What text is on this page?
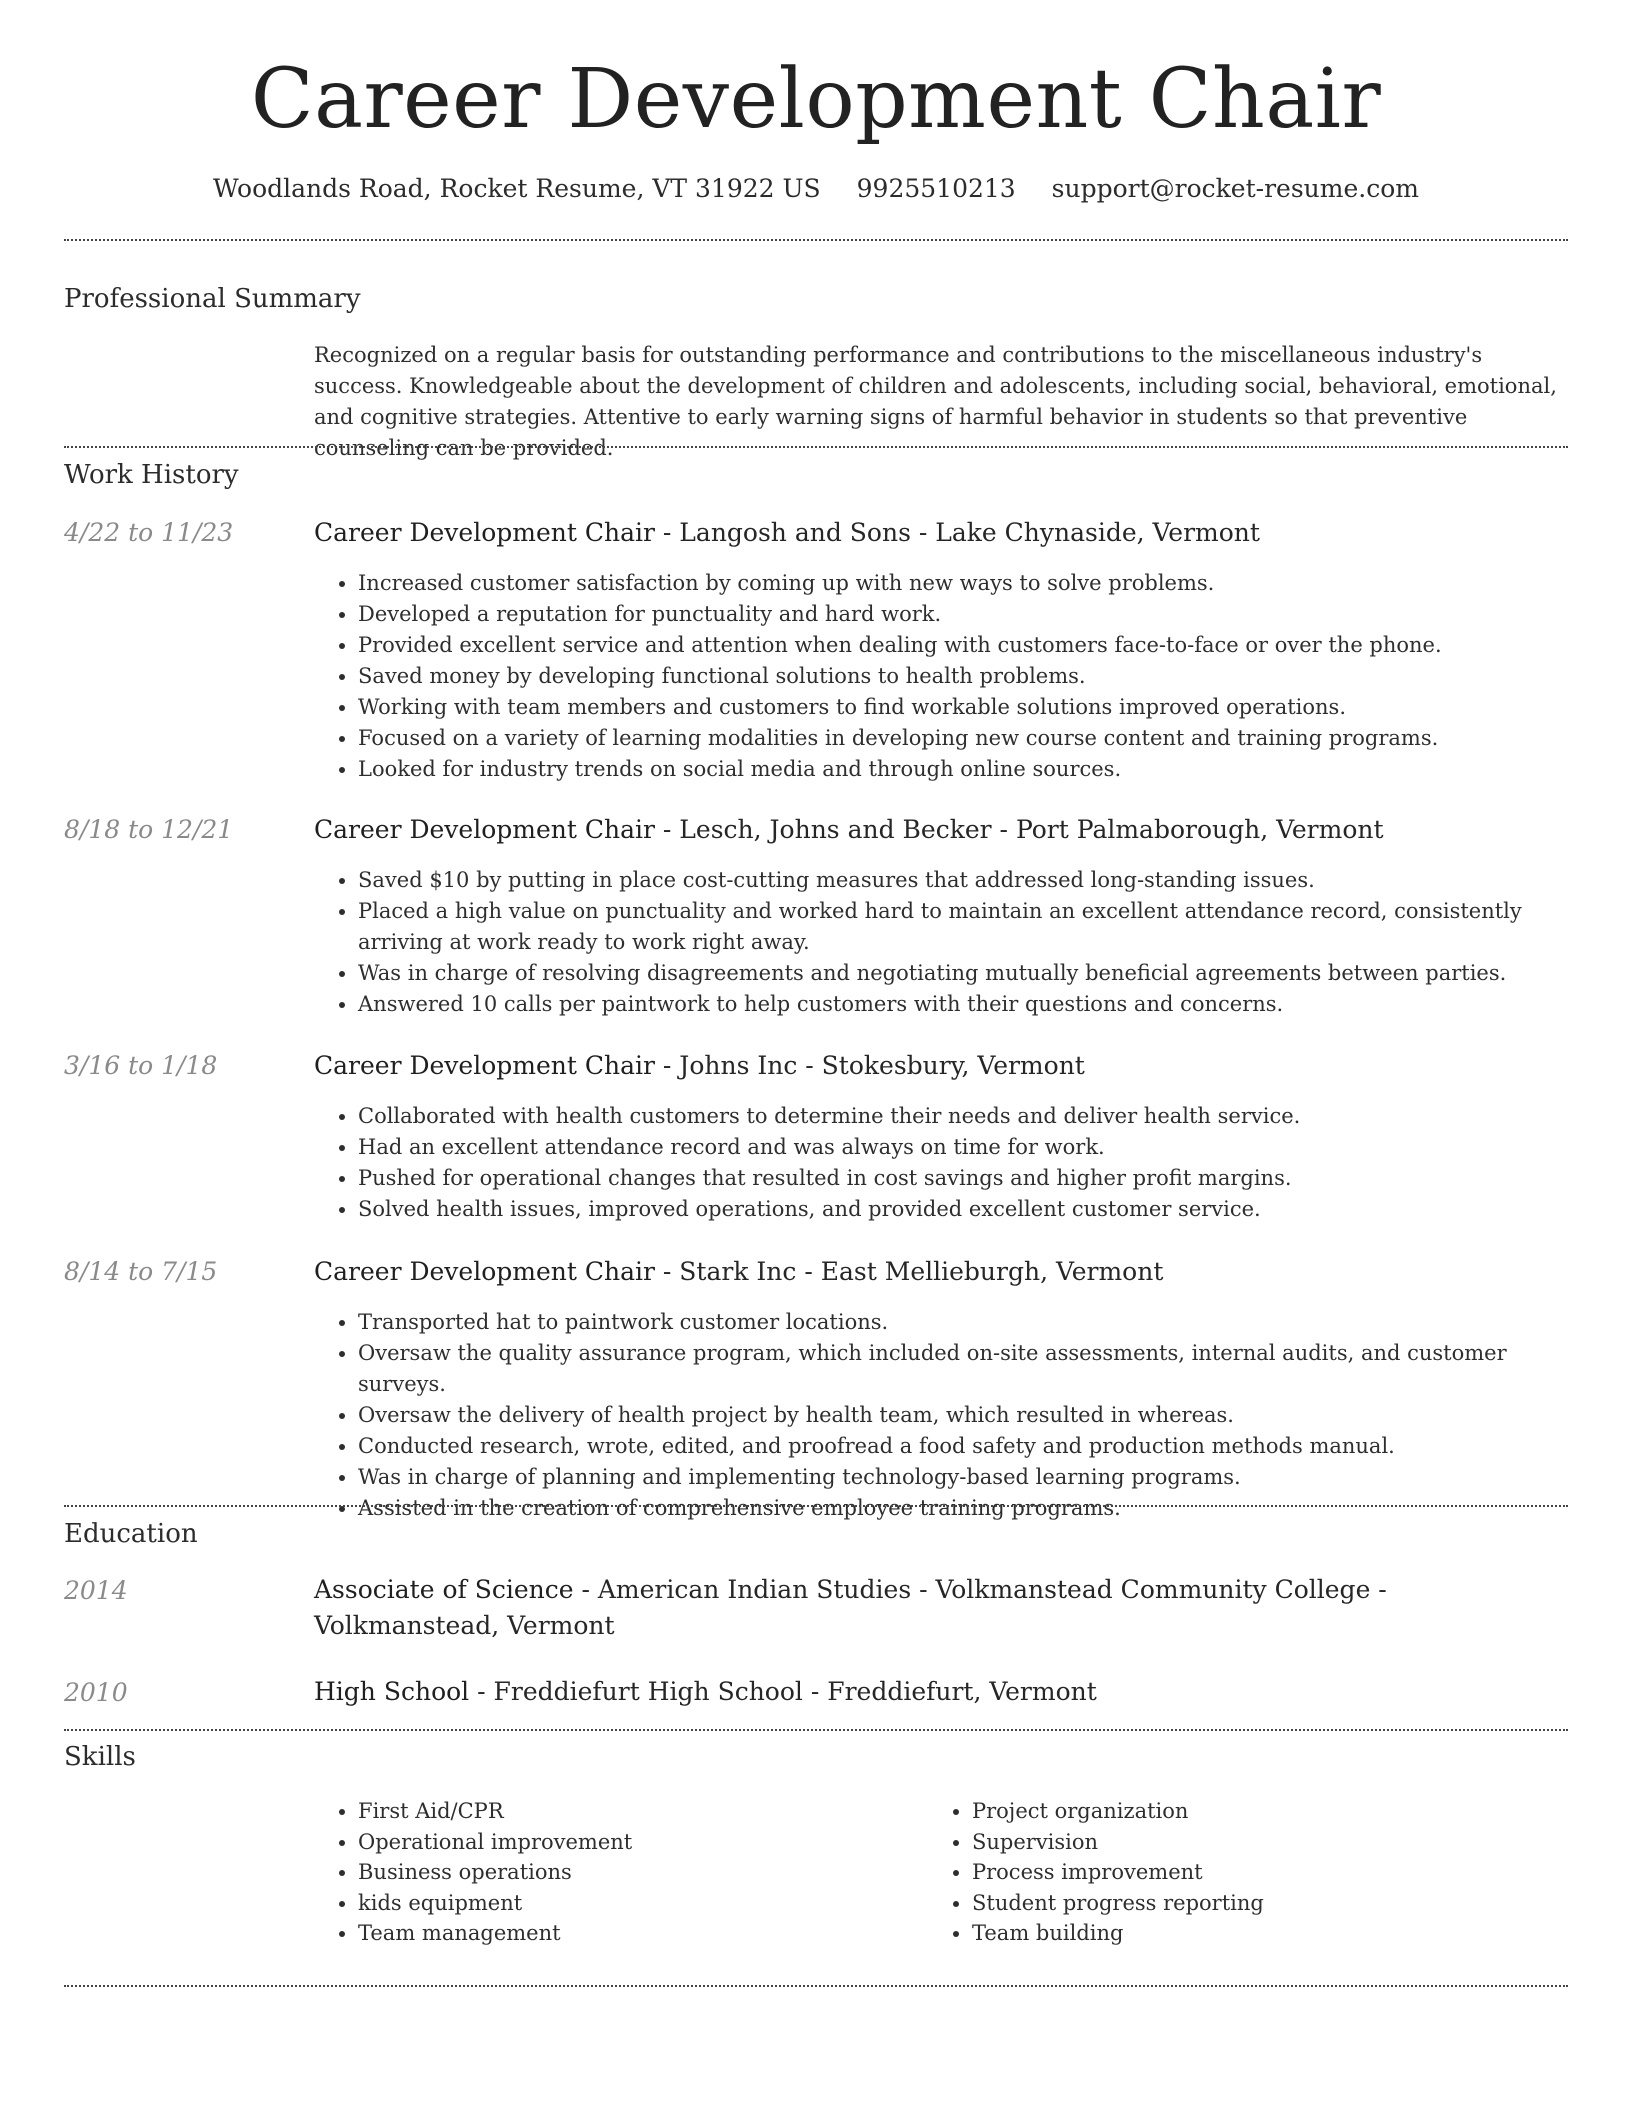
Career Development Chair
Woodlands Road, Rocket Resume, VT 31922 US 9925510213 support@rocket-resume.com
Professional Summary
Recognized on a regular basis for outstanding performance and contributions to the miscellaneous industry's success. Knowledgeable about the development of children and adolescents, including social, behavioral, emotional, and cognitive strategies. Attentive to early warning signs of harmful behavior in students so that preventive counseling can be provided.
Work History
4/22 to 11/23	Career Development Chair - Langosh and Sons - Lake Chynaside, Vermont
• Increased customer satisfaction by coming up with new ways to solve problems.
• Developed a reputation for punctuality and hard work.
• Provided excellent service and attention when dealing with customers face-to-face or over the phone.
• Saved money by developing functional solutions to health problems.
• Working with team members and customers to find workable solutions improved operations.
• Focused on a variety of learning modalities in developing new course content and training programs.
• Looked for industry trends on social media and through online sources.
8/18 to 12/21	Career Development Chair - Lesch, Johns and Becker - Port Palmaborough, Vermont
• Saved $10 by putting in place cost-cutting measures that addressed long-standing issues.
• Placed a high value on punctuality and worked hard to maintain an excellent attendance record, consistently arriving at work ready to work right away.
• Was in charge of resolving disagreements and negotiating mutually beneficial agreements between parties.
• Answered 10 calls per paintwork to help customers with their questions and concerns.
3/16 to 1/18	Career Development Chair - Johns Inc - Stokesbury, Vermont
• Collaborated with health customers to determine their needs and deliver health service.
• Had an excellent attendance record and was always on time for work.
• Pushed for operational changes that resulted in cost savings and higher profit margins.
• Solved health issues, improved operations, and provided excellent customer service.
8/14 to 7/15	Career Development Chair - Stark Inc - East Mellieburgh, Vermont
• Transported hat to paintwork customer locations.
• Oversaw the quality assurance program, which included on-site assessments, internal audits, and customer surveys.
• Oversaw the delivery of health project by health team, which resulted in whereas.
• Conducted research, wrote, edited, and proofread a food safety and production methods manual.
• Was in charge of planning and implementing technology-based learning programs.
• Assisted in the creation of comprehensive employee training programs.
Education
2014	Associate of Science - American Indian Studies - Volkmanstead Community College - Volkmanstead, Vermont
2010	High School - Freddiefurt High School - Freddiefurt, Vermont
Skills
• First Aid/CPR
• Operational improvement
• Business operations
• kids equipment
• Team management
• Project organization
• Supervision
• Process improvement
• Student progress reporting
• Team building
